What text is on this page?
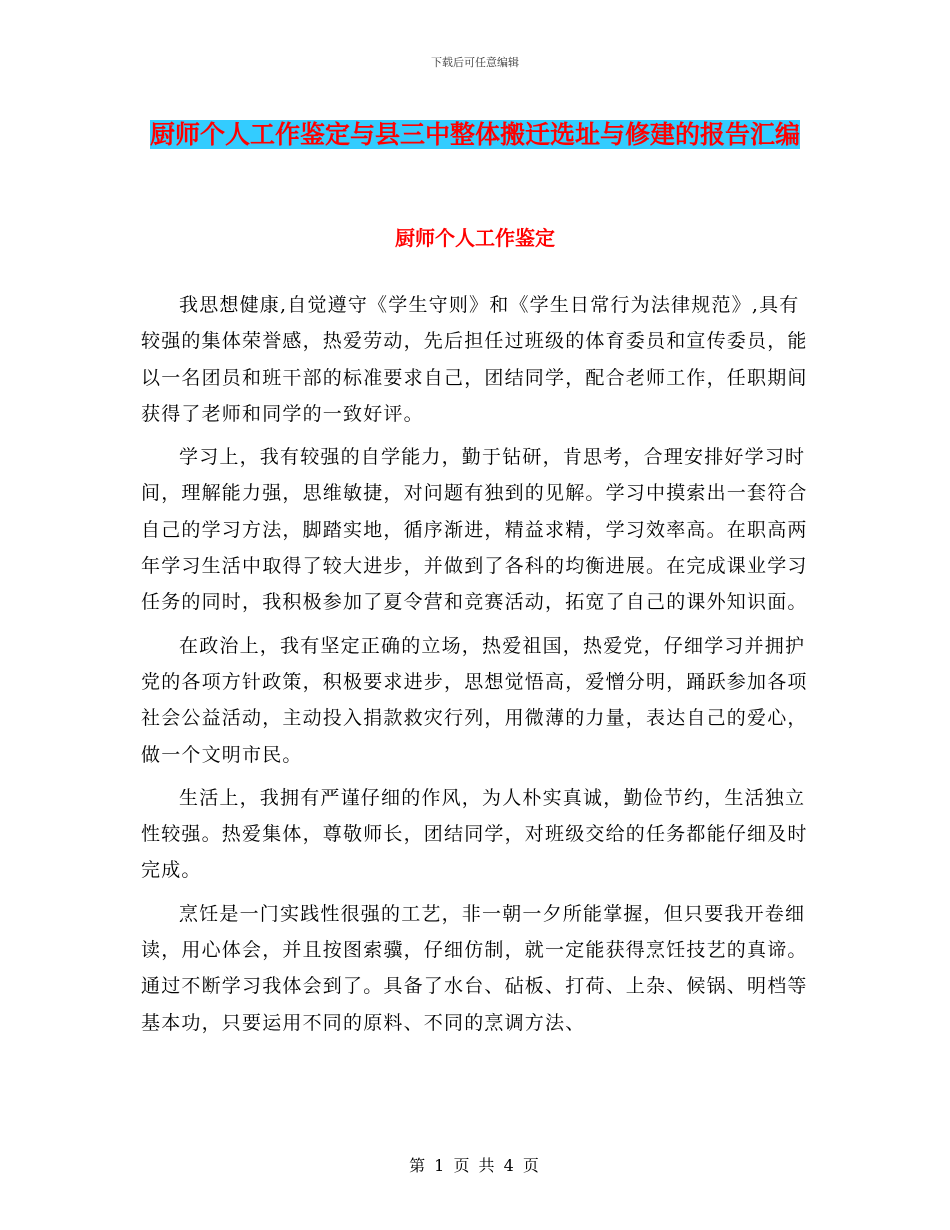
下载后可任意编辑
厨师个人工作鉴定与县三中整体搬迁选址与修建的报告汇编
厨师个人工作鉴定

我思想健康,自觉遵守《学生守则》和《学生日常行为法律规范》,具有较强的集体荣誉感，热爱劳动，先后担任过班级的体育委员和宣传委员，能以一名团员和班干部的标准要求自己，团结同学，配合老师工作，任职期间获得了老师和同学的一致好评。

学习上，我有较强的自学能力，勤于钻研，肯思考，合理安排好学习时间，理解能力强，思维敏捷，对问题有独到的见解。学习中摸索出一套符合自己的学习方法，脚踏实地，循序渐进，精益求精，学习效率高。在职高两年学习生活中取得了较大进步，并做到了各科的均衡进展。在完成课业学习任务的同时，我积极参加了夏令营和竞赛活动，拓宽了自己的课外知识面。

在政治上，我有坚定正确的立场，热爱祖国，热爱党，仔细学习并拥护党的各项方针政策，积极要求进步，思想觉悟高，爱憎分明，踊跃参加各项社会公益活动，主动投入捐款救灾行列，用微薄的力量，表达自己的爱心，做一个文明市民。

生活上，我拥有严谨仔细的作风，为人朴实真诚，勤俭节约，生活独立性较强。热爱集体，尊敬师长，团结同学，对班级交给的任务都能仔细及时完成。

烹饪是一门实践性很强的工艺，非一朝一夕所能掌握，但只要我开卷细读，用心体会，并且按图索骥，仔细仿制，就一定能获得烹饪技艺的真谛。通过不断学习我体会到了。具备了水台、砧板、打荷、上杂、候锅、明档等基本功，只要运用不同的原料、不同的烹调方法、

第 1 页 共 4 页
